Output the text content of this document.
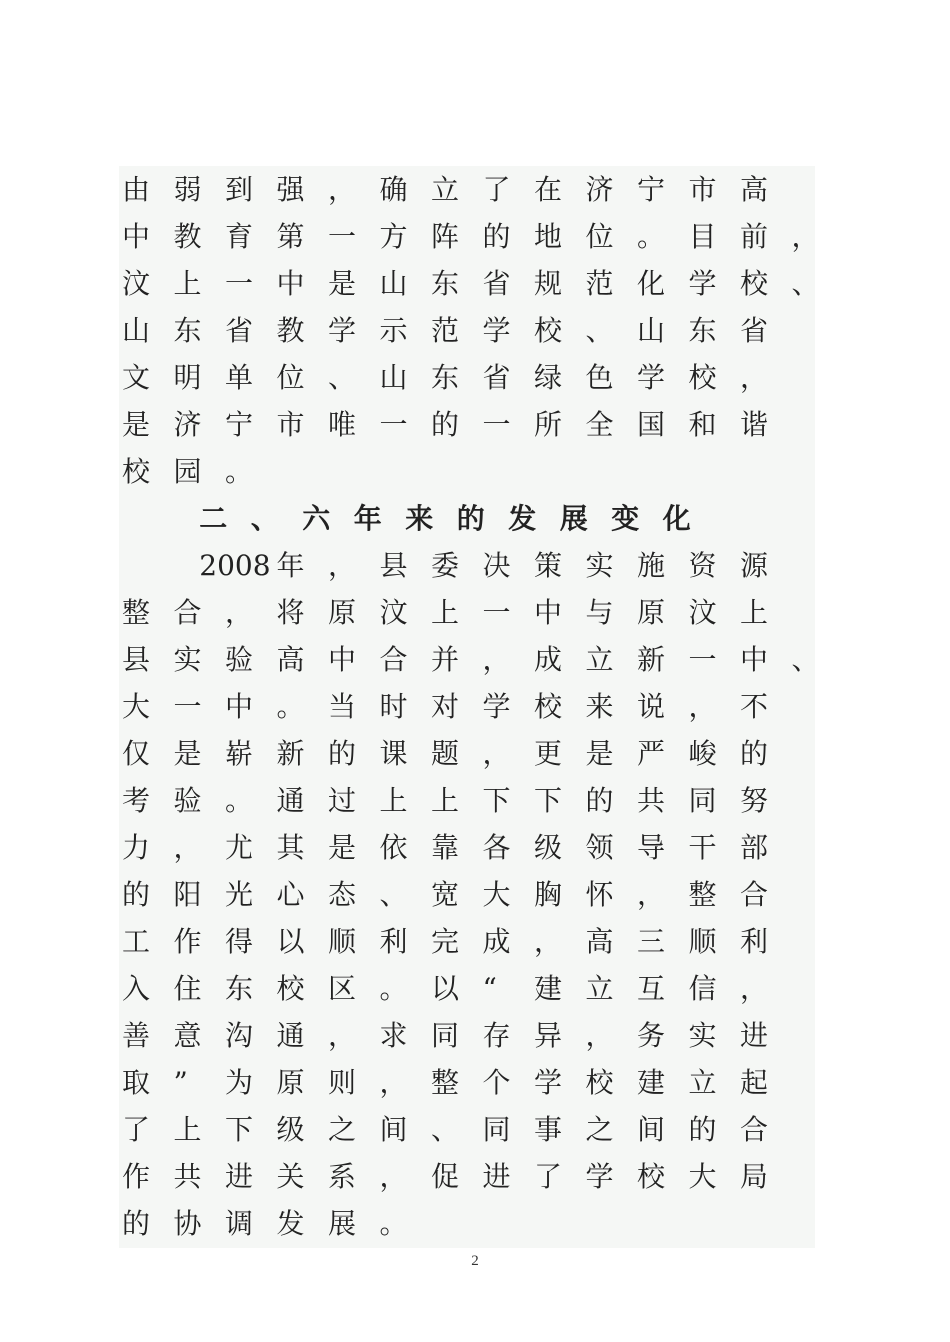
由 弱 到 强 ， 确 立 了 在 济 宁 市 高
中 教 育 第 一 方 阵 的 地 位 。 目 前 ，
汶 上 一 中 是 山 东 省 规 范 化 学 校 、
山 东 省 教 学 示 范 学 校 、 山 东 省
文 明 单 位 、 山 东 省 绿 色 学 校 ，
是 济 宁 市 唯 一 的 一 所 全 国 和 谐
校 园 。
二 、 六 年 来 的 发 展 变 化
2008 年 ， 县 委 决 策 实 施 资 源
整 合 ， 将 原 汶 上 一 中 与 原 汶 上
县 实 验 高 中 合 并 ， 成 立 新 一 中 、
大 一 中 。 当 时 对 学 校 来 说 ， 不
仅 是 崭 新 的 课 题 ， 更 是 严 峻 的
考 验 。 通 过 上 上 下 下 的 共 同 努
力 ， 尤 其 是 依 靠 各 级 领 导 干 部
的 阳 光 心 态 、 宽 大 胸 怀 ， 整 合
工 作 得 以 顺 利 完 成 ， 高 三 顺 利
入 住 东 校 区 。 以 “ 建 立 互 信 ，
善 意 沟 通 ， 求 同 存 异 ， 务 实 进
取 ” 为 原 则 ， 整 个 学 校 建 立 起
了 上 下 级 之 间 、 同 事 之 间 的 合
作 共 进 关 系 ， 促 进 了 学 校 大 局
的 协 调 发 展 。
2
